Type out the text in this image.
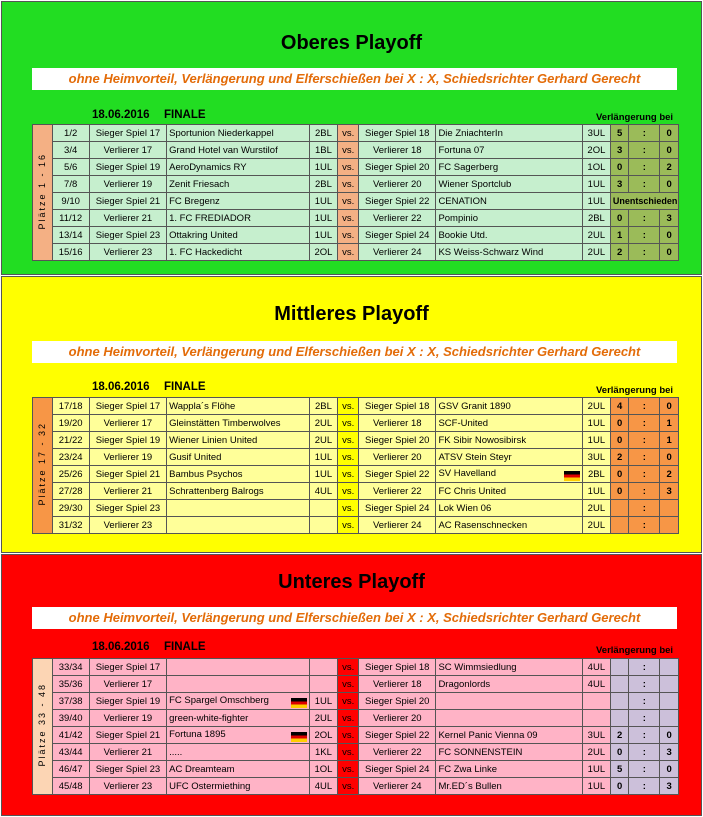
Oberes Playoff
ohne Heimvorteil, Verlängerung und Elferschießen bei X : X, Schiedsrichter Gerhard Gerecht
18.06.2016 FINALE	Verlängerung bei
Plätze 1 - 16	1/2	Sieger Spiel 17	Sportunion Niederkappel	2BL	vs.	Sieger Spiel 18	Die ZniachterIn	3UL	5	:	0
	3/4	Verlierer 17	Grand Hotel van Wurstilof	1BL	vs.	Verlierer 18	Fortuna 07	2OL	3	:	0
	5/6	Sieger Spiel 19	AeroDynamics RY	1UL	vs.	Sieger Spiel 20	FC Sagerberg	1OL	0	:	2
	7/8	Verlierer 19	Zenit Friesach	2BL	vs.	Verlierer 20	Wiener Sportclub	1UL	3	:	0
	9/10	Sieger Spiel 21	FC Bregenz	1UL	vs.	Sieger Spiel 22	CENATION	1UL	Unentschieden		
	11/12	Verlierer 21	1. FC FREDIADOR	1UL	vs.	Verlierer 22	Pompinio	2BL	0	:	3
	13/14	Sieger Spiel 23	Ottakring United	1UL	vs.	Sieger Spiel 24	Bookie Utd.	2UL	1	:	0
	15/16	Verlierer 23	1. FC Hackedicht	2OL	vs.	Verlierer 24	KS Weiss-Schwarz Wind	2UL	2	:	0
Mittleres Playoff
ohne Heimvorteil, Verlängerung und Elferschießen bei X : X, Schiedsrichter Gerhard Gerecht
18.06.2016 FINALE	Verlängerung bei
Plätze 17 - 32	17/18	Sieger Spiel 17	Wappla´s Flöhe	2BL	vs.	Sieger Spiel 18	GSV Granit 1890	2UL	4	:	0
	19/20	Verlierer 17	Gleinstätten Timberwolves	2UL	vs.	Verlierer 18	SCF-United	1UL	0	:	1
	21/22	Sieger Spiel 19	Wiener Linien United	2UL	vs.	Sieger Spiel 20	FK Sibir Nowosibirsk	1UL	0	:	1
	23/24	Verlierer 19	Gusif United	1UL	vs.	Verlierer 20	ATSV Stein Steyr	3UL	2	:	0
	25/26	Sieger Spiel 21	Bambus Psychos	1UL	vs.	Sieger Spiel 22	SV Havelland	2BL	0	:	2
	27/28	Verlierer 21	Schrattenberg Balrogs	4UL	vs.	Verlierer 22	FC Chris United	1UL	0	:	3
	29/30	Sieger Spiel 23			vs.	Sieger Spiel 24	Lok Wien 06	2UL		:	
	31/32	Verlierer 23			vs.	Verlierer 24	AC Rasenschnecken	2UL		:	
Unteres Playoff
ohne Heimvorteil, Verlängerung und Elferschießen bei X : X, Schiedsrichter Gerhard Gerecht
18.06.2016 FINALE	Verlängerung bei
Plätze 33 - 48	33/34	Sieger Spiel 17			vs.	Sieger Spiel 18	SC Wimmsiedlung	4UL		:	
	35/36	Verlierer 17			vs.	Verlierer 18	Dragonlords	4UL		:	
	37/38	Sieger Spiel 19	FC Spargel Omschberg	1UL	vs.	Sieger Spiel 20				:	
	39/40	Verlierer 19	green-white-fighter	2UL	vs.	Verlierer 20				:	
	41/42	Sieger Spiel 21	Fortuna 1895	2OL	vs.	Sieger Spiel 22	Kernel Panic Vienna 09	3UL	2	:	0
	43/44	Verlierer 21	.....	1KL	vs.	Verlierer 22	FC SONNENSTEIN	2UL	0	:	3
	46/47	Sieger Spiel 23	AC Dreamteam	1OL	vs.	Sieger Spiel 24	FC Zwa Linke	1UL	5	:	0
	45/48	Verlierer 23	UFC Ostermiething	4UL	vs.	Verlierer 24	Mr.ED´s Bullen	1UL	0	:	3
